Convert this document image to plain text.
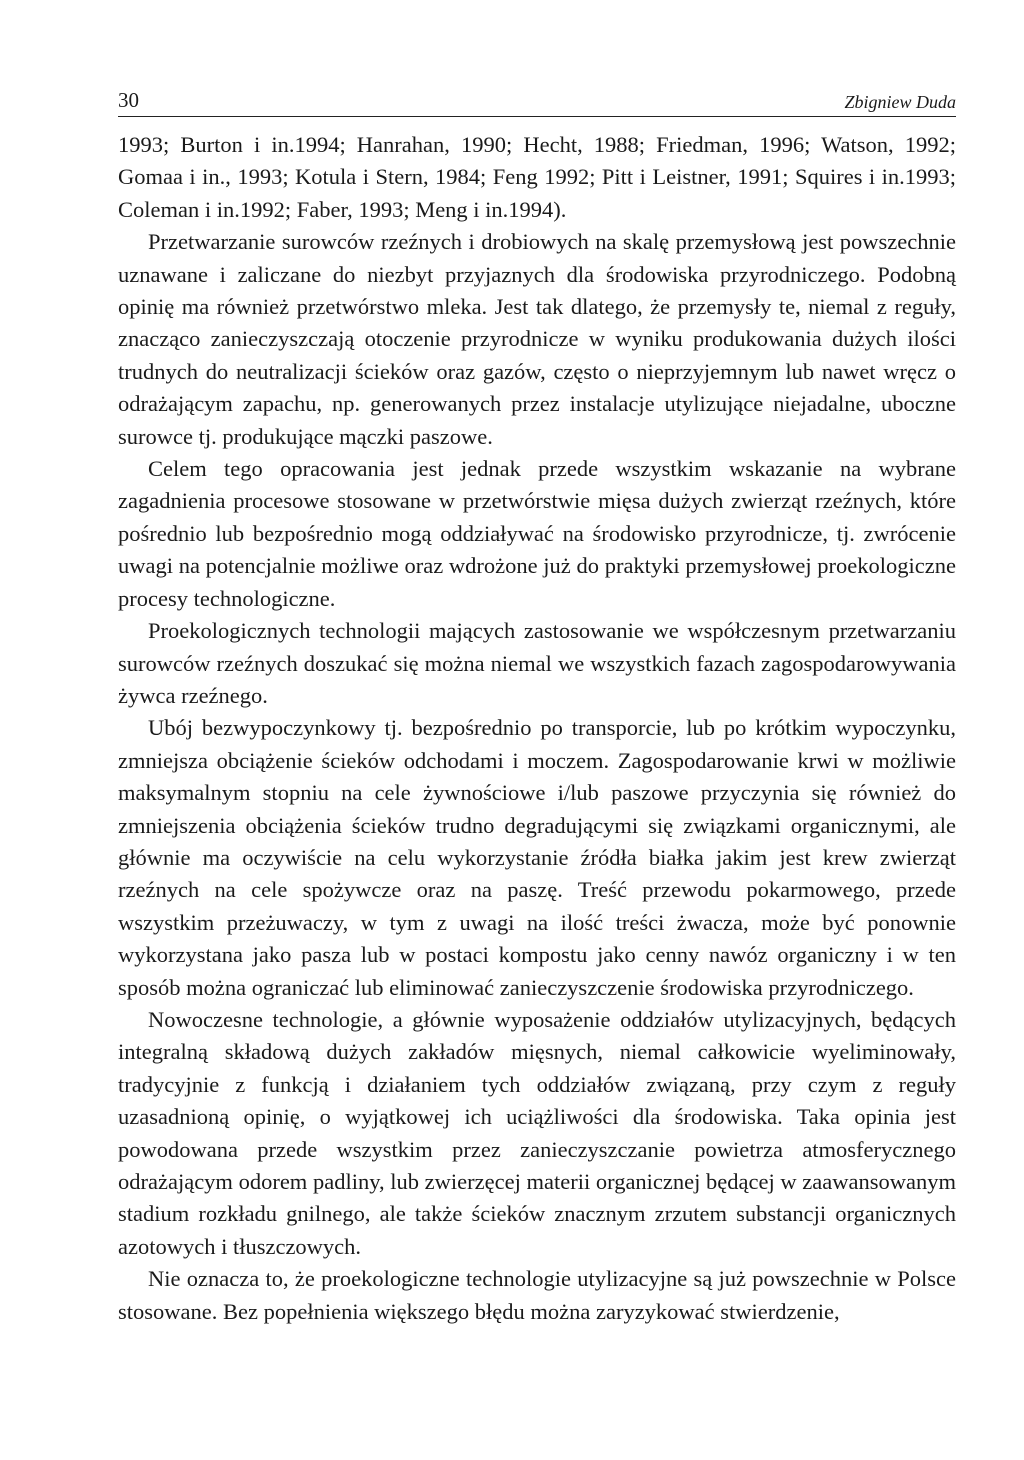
30	Zbigniew Duda

1993; Burton i in.1994; Hanrahan, 1990; Hecht, 1988; Friedman, 1996; Watson, 1992; Gomaa i in., 1993; Kotula i Stern, 1984; Feng 1992; Pitt i Leistner, 1991; Squires i in.1993; Coleman i in.1992; Faber, 1993; Meng i in.1994).

Przetwarzanie surowców rzeźnych i drobiowych na skalę przemysłową jest powszechnie uznawane i zaliczane do niezbyt przyjaznych dla środowiska przyrodniczego. Podobną opinię ma również przetwórstwo mleka. Jest tak dlatego, że przemysły te, niemal z reguły, znacząco zanieczyszczają otoczenie przyrodnicze w wyniku produkowania dużych ilości trudnych do neutralizacji ścieków oraz gazów, często o nieprzyjemnym lub nawet wręcz o odrażającym zapachu, np. generowanych przez instalacje utylizujące niejadalne, uboczne surowce tj. produkujące mączki paszowe.

Celem tego opracowania jest jednak przede wszystkim wskazanie na wybrane zagadnienia procesowe stosowane w przetwórstwie mięsa dużych zwierząt rzeźnych, które pośrednio lub bezpośrednio mogą oddziaływać na środowisko przyrodnicze, tj. zwrócenie uwagi na potencjalnie możliwe oraz wdrożone już do praktyki przemysłowej proekologiczne procesy technologiczne.

Proekologicznych technologii mających zastosowanie we współczesnym przetwarzaniu surowców rzeźnych doszukać się można niemal we wszystkich fazach zagospodarowywania żywca rzeźnego.

Ubój bezwypoczynkowy tj. bezpośrednio po transporcie, lub po krótkim wypoczynku, zmniejsza obciążenie ścieków odchodami i moczem. Zagospodarowanie krwi w możliwie maksymalnym stopniu na cele żywnościowe i/lub paszowe przyczynia się również do zmniejszenia obciążenia ścieków trudno degradującymi się związkami organicznymi, ale głównie ma oczywiście na celu wykorzystanie źródła białka jakim jest krew zwierząt rzeźnych na cele spożywcze oraz na paszę. Treść przewodu pokarmowego, przede wszystkim przeżuwaczy, w tym z uwagi na ilość treści żwacza, może być ponownie wykorzystana jako pasza lub w postaci kompostu jako cenny nawóz organiczny i w ten sposób można ograniczać lub eliminować zanieczyszczenie środowiska przyrodniczego.

Nowoczesne technologie, a głównie wyposażenie oddziałów utylizacyjnych, będących integralną składową dużych zakładów mięsnych, niemal całkowicie wyeliminowały, tradycyjnie z funkcją i działaniem tych oddziałów związaną, przy czym z reguły uzasadnioną opinię, o wyjątkowej ich uciążliwości dla środowiska. Taka opinia jest powodowana przede wszystkim przez zanieczyszczanie powietrza atmosferycznego odrażającym odorem padliny, lub zwierzęcej materii organicznej będącej w zaawansowanym stadium rozkładu gnilnego, ale także ścieków znacznym zrzutem substancji organicznych azotowych i tłuszczowych.

Nie oznacza to, że proekologiczne technologie utylizacyjne są już powszechnie w Polsce stosowane. Bez popełnienia większego błędu można zaryzykować stwierdzenie,
